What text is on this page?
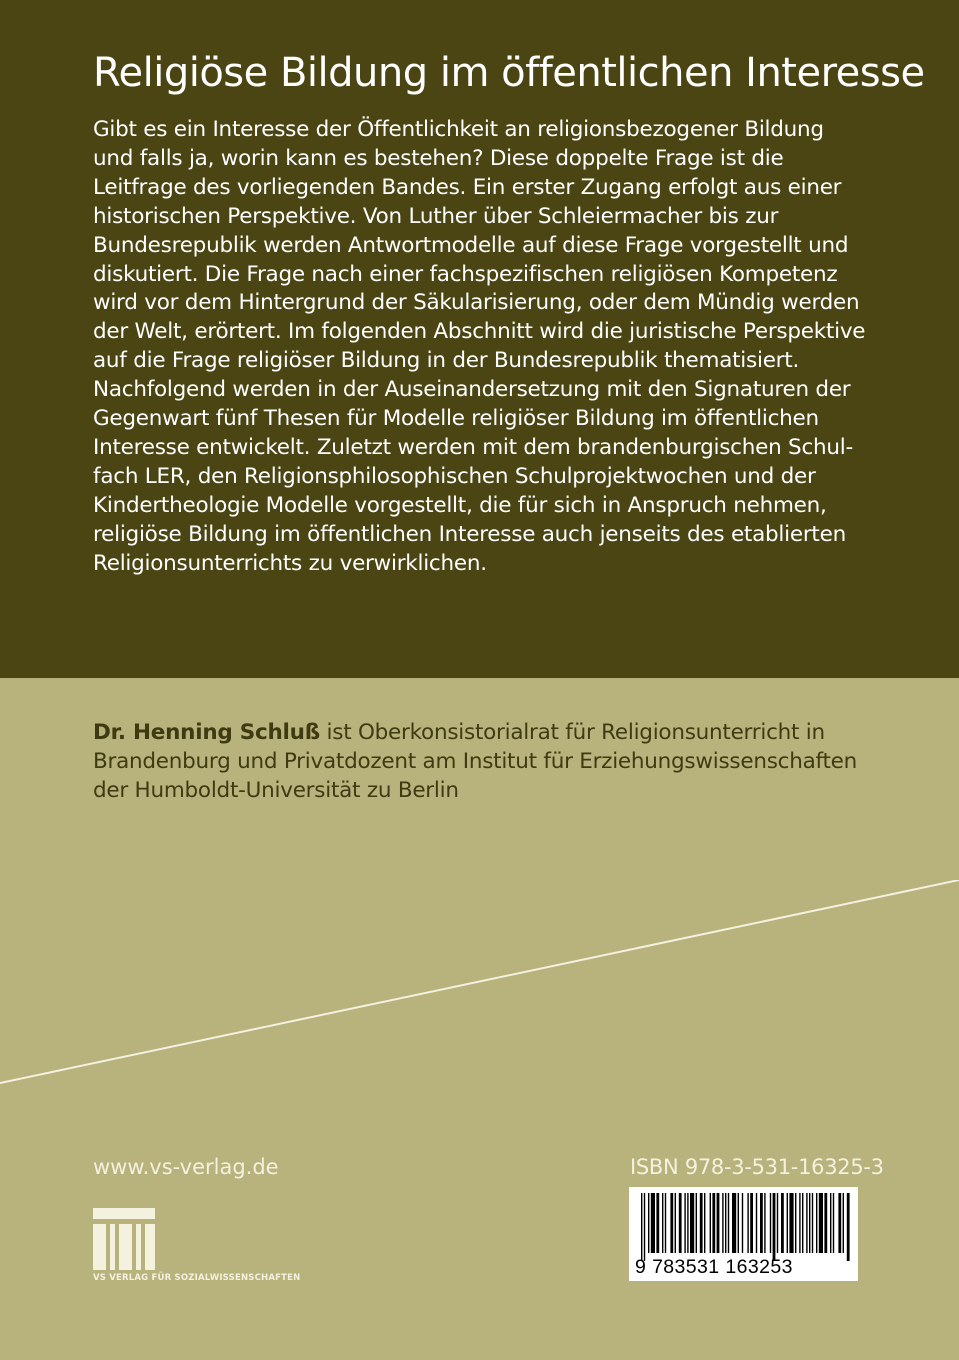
Religiöse Bildung im öffentlichen Interesse
Gibt es ein Interesse der Öffentlichkeit an religionsbezogener Bildung
und falls ja, worin kann es bestehen? Diese doppelte Frage ist die
Leitfrage des vorliegenden Bandes. Ein erster Zugang erfolgt aus einer
historischen Perspektive. Von Luther über Schleiermacher bis zur
Bundesrepublik werden Antwortmodelle auf diese Frage vorgestellt und
diskutiert. Die Frage nach einer fachspezifischen religiösen Kompetenz
wird vor dem Hintergrund der Säkularisierung, oder dem Mündig werden
der Welt, erörtert. Im folgenden Abschnitt wird die juristische Perspektive
auf die Frage religiöser Bildung in der Bundesrepublik thematisiert.
Nachfolgend werden in der Auseinandersetzung mit den Signaturen der
Gegenwart fünf Thesen für Modelle religiöser Bildung im öffentlichen
Interesse entwickelt. Zuletzt werden mit dem brandenburgischen Schul-
fach LER, den Religionsphilosophischen Schulprojektwochen und der
Kindertheologie Modelle vorgestellt, die für sich in Anspruch nehmen,
religiöse Bildung im öffentlichen Interesse auch jenseits des etablierten
Religionsunterrichts zu verwirklichen.
Dr. Henning Schluß ist Oberkonsistorialrat für Religionsunterricht in
Brandenburg und Privatdozent am Institut für Erziehungswissenschaften
der Humboldt-Universität zu Berlin

www.vs-verlag.de

VS VERLAG FÜR SOZIALWISSENSCHAFTEN

ISBN 978-3-531-16325-3

9 783531 163253
